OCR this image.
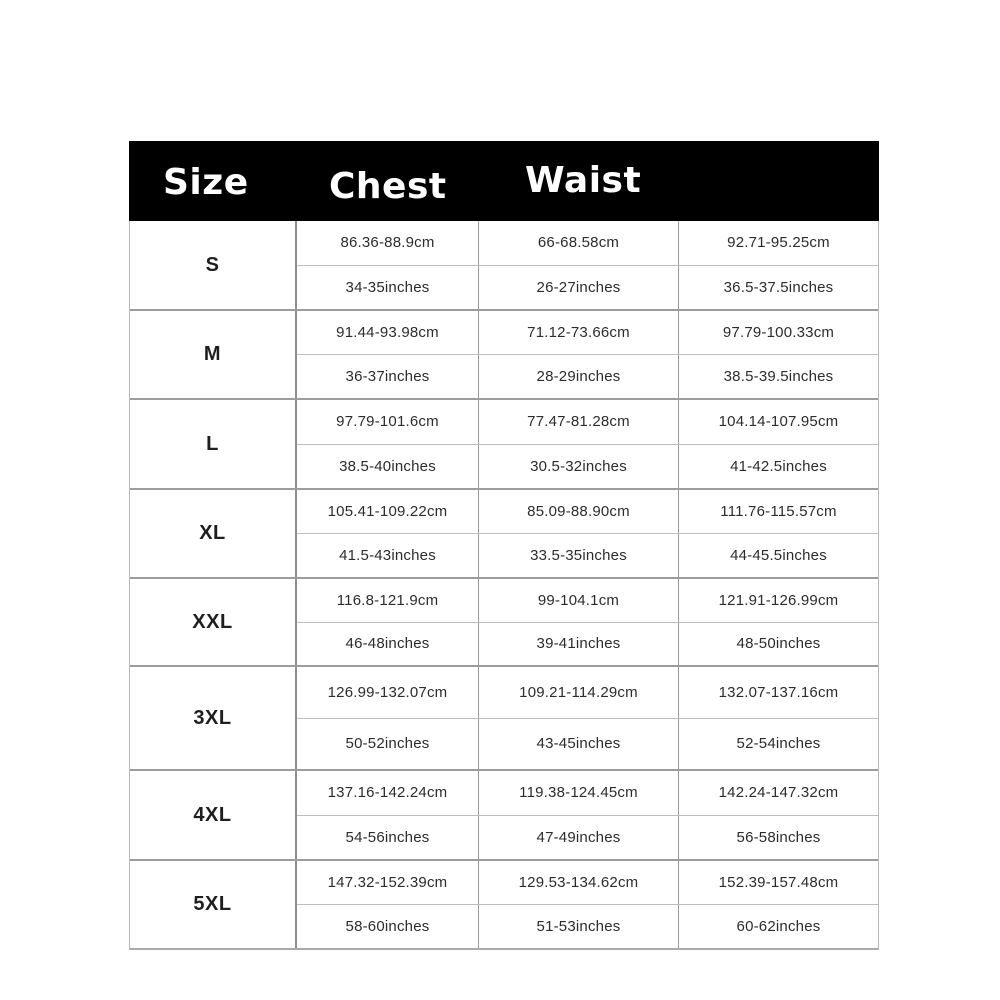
Size Chest Waist
S
86.36-88.9cm	66-68.58cm	92.71-95.25cm
34-35inches	26-27inches	36.5-37.5inches
M
91.44-93.98cm	71.12-73.66cm	97.79-100.33cm
36-37inches	28-29inches	38.5-39.5inches
L
97.79-101.6cm	77.47-81.28cm	104.14-107.95cm
38.5-40inches	30.5-32inches	41-42.5inches
XL
105.41-109.22cm	85.09-88.90cm	111.76-115.57cm
41.5-43inches	33.5-35inches	44-45.5inches
XXL
116.8-121.9cm	99-104.1cm	121.91-126.99cm
46-48inches	39-41inches	48-50inches
3XL
126.99-132.07cm	109.21-114.29cm	132.07-137.16cm
50-52inches	43-45inches	52-54inches
4XL
137.16-142.24cm	119.38-124.45cm	142.24-147.32cm
54-56inches	47-49inches	56-58inches
5XL
147.32-152.39cm	129.53-134.62cm	152.39-157.48cm
58-60inches	51-53inches	60-62inches
